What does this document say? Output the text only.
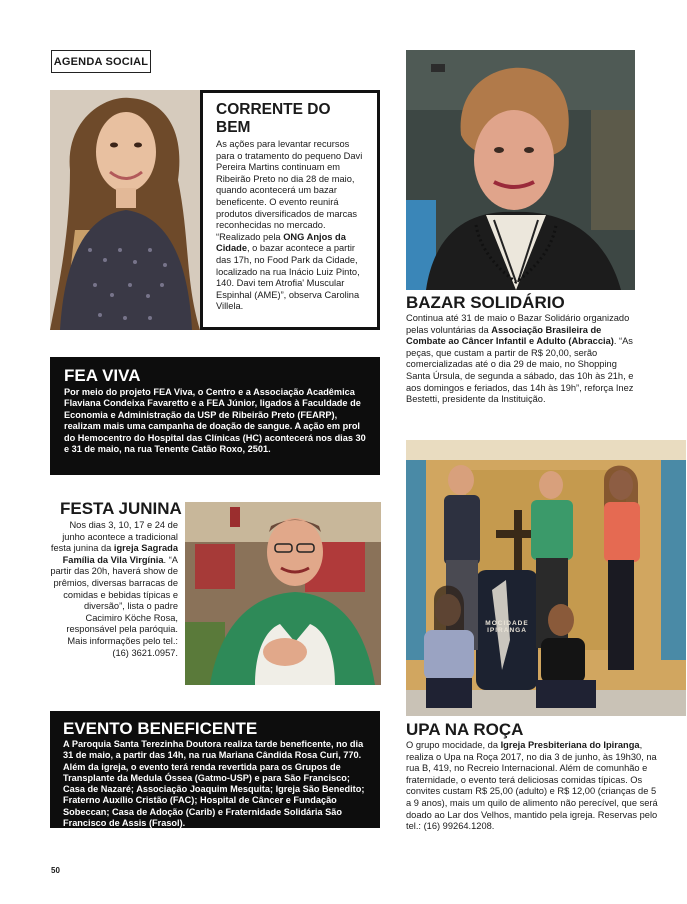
AGENDA SOCIAL
CORRENTE DO BEM

As ações para levantar recursos para o tratamento do pequeno Davi Pereira Martins continuam em Ribeirão Preto no dia 28 de maio, quando acontecerá um bazar beneficente. O evento reunirá produtos diversificados de marcas reconhecidas no mercado. “Realizado pela ONG Anjos da Cidade, o bazar acontece a partir das 17h, no Food Park da Cidade, localizado na rua Inácio Luiz Pinto, 140. Davi tem Atrofia' Muscular Espinhal (AME)”, observa Carolina Villela.	BAZAR SOLIDÁRIO

Continua até 31 de maio o Bazar Solidário organizado pelas voluntárias da Associação Brasileira de Combate ao Câncer Infantil e Adulto (Abraccia). “As peças, que custam a partir de R$ 20,00, serão comercializadas até o dia 29 de maio, no Shopping Santa Úrsula, de segunda a sábado, das 10h às 21h, e aos domingos e feriados, das 14h às 19h”, reforça Inez Bestetti, presidente da Instituição.

FEA VIVA

Por meio do projeto FEA Viva, o Centro e a Associação Acadêmica Flaviana Condeixa Favaretto e a FEA Júnior, ligados à Faculdade de Economia e Administração da USP de Ribeirão Preto (FEARP), realizam mais uma campanha de doação de sangue. A ação em prol do Hemocentro do Hospital das Clínicas (HC) acontecerá nos dias 30 e 31 de maio, na rua Tenente Catão Roxo, 2501.

FESTA JUNINA

Nos dias 3, 10, 17 e 24 de junho acontece a tradicional festa junina da igreja Sagrada Família da Vila Virgínia. “A partir das 20h, haverá show de prêmios, diversas barracas de comidas e bebidas típicas e diversão”, lista o padre Cacimiro Köche Rosa, responsável pela paróquia. Mais informações pelo tel.: (16) 3621.0957.

EVENTO BENEFICENTE

A Paroquia Santa Terezinha Doutora realiza tarde beneficente, no dia 31 de maio, a partir das 14h, na rua Mariana Cândida Rosa Curi, 770. Além da igreja, o evento terá renda revertida para os Grupos de Transplante da Medula Óssea (Gatmo-USP) e para São Francisco; Casa de Nazaré; Associação Joaquim Mesquita; Igreja São Benedito; Fraterno Auxílio Cristão (FAC); Hospital de Câncer e Fundação Sobeccan; Casa de Adoção (Carib) e Fraternidade Solidária São Francisco de Assis (Frasol).

MOCIDADE IPIRANGA
UPA NA ROÇA

O grupo mocidade, da Igreja Presbiteriana do Ipiranga, realiza o Upa na Roça 2017, no dia 3 de junho, às 19h30, na rua B, 419, no Recreio Internacional. Além de comunhão e fraternidade, o evento terá deliciosas comidas típicas. Os convites custam R$ 25,00 (adulto) e R$ 12,00 (crianças de 5 a 9 anos), mais um quilo de alimento não perecível, que será doado ao Lar dos Velhos, mantido pela igreja. Reservas pelo tel.: (16) 99264.1208.

50
